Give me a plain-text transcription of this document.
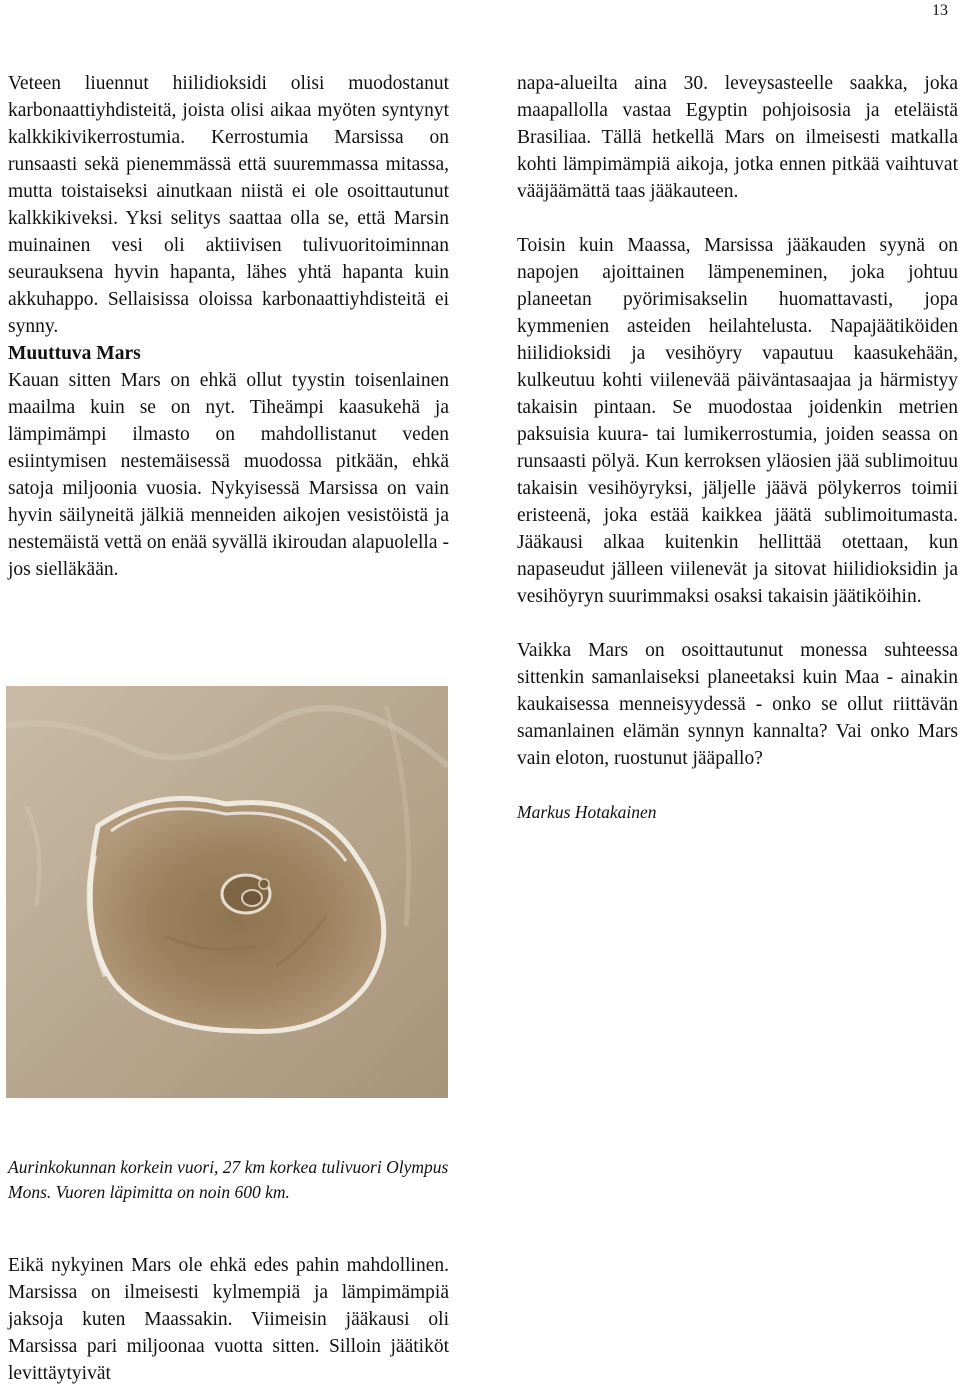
13

Veteen liuennut hiilidioksidi olisi muodostanut karbonaattiyhdisteitä, joista olisi aikaa myöten syntynyt kalkkikivikerrostumia. Kerrostumia Marsissa on runsaasti sekä pienemmässä että suuremmassa mitassa, mutta toistaiseksi ainutkaan niistä ei ole osoittautunut kalkkikiveksi. Yksi selitys saattaa olla se, että Marsin muinainen vesi oli aktiivisen tulivuoritoiminnan seurauksena hyvin hapanta, lähes yhtä hapanta kuin akkuhappo. Sellaisissa oloissa karbonaattiyhdisteitä ei synny.

Muuttuva Mars

Kauan sitten Mars on ehkä ollut tyystin toisenlainen maailma kuin se on nyt. Tiheämpi kaasukehä ja lämpimämpi ilmasto on mahdollistanut veden esiintymisen nestemäisessä muodossa pitkään, ehkä satoja miljoonia vuosia. Nykyisessä Marsissa on vain hyvin säilyneitä jälkiä menneiden aikojen vesistöistä ja nestemäistä vettä on enää syvällä ikiroudan alapuolella - jos sielläkään.

Aurinkokunnan korkein vuori, 27 km korkea tulivuori Olympus Mons. Vuoren läpimitta on noin 600 km.
Eikä nykyinen Mars ole ehkä edes pahin mahdollinen. Marsissa on ilmeisesti kylmempiä ja lämpimämpiä jaksoja kuten Maassakin. Viimeisin jääkausi oli Marsissa pari miljoonaa vuotta sitten. Silloin jäätiköt levittäytyivät

napa-alueilta aina 30. leveysasteelle saakka, joka maapallolla vastaa Egyptin pohjoisosia ja eteläistä Brasiliaa. Tällä hetkellä Mars on ilmeisesti matkalla kohti lämpimämpiä aikoja, jotka ennen pitkää vaihtuvat vääjäämättä taas jääkauteen.

Toisin kuin Maassa, Marsissa jääkauden syynä on napojen ajoittainen lämpeneminen, joka johtuu planeetan pyörimisakselin huomattavasti, jopa kymmenien asteiden heilahtelusta. Napajäätiköiden hiilidioksidi ja vesihöyry vapautuu kaasukehään, kulkeutuu kohti viilenevää päiväntasaajaa ja härmistyy takaisin pintaan. Se muodostaa joidenkin metrien paksuisia kuura- tai lumikerrostumia, joiden seassa on runsaasti pölyä. Kun kerroksen yläosien jää sublimoituu takaisin vesihöyryksi, jäljelle jäävä pölykerros toimii eristeenä, joka estää kaikkea jäätä sublimoitumasta. Jääkausi alkaa kuitenkin hellittää otettaan, kun napaseudut jälleen viilenevät ja sitovat hiilidioksidin ja vesihöyryn suurimmaksi osaksi takaisin jäätiköihin.

Vaikka Mars on osoittautunut monessa suhteessa sittenkin samanlaiseksi planeetaksi kuin Maa - ainakin kaukaisessa menneisyydessä - onko se ollut riittävän samanlainen elämän synnyn kannalta? Vai onko Mars vain eloton, ruostunut jääpallo?

Markus Hotakainen
